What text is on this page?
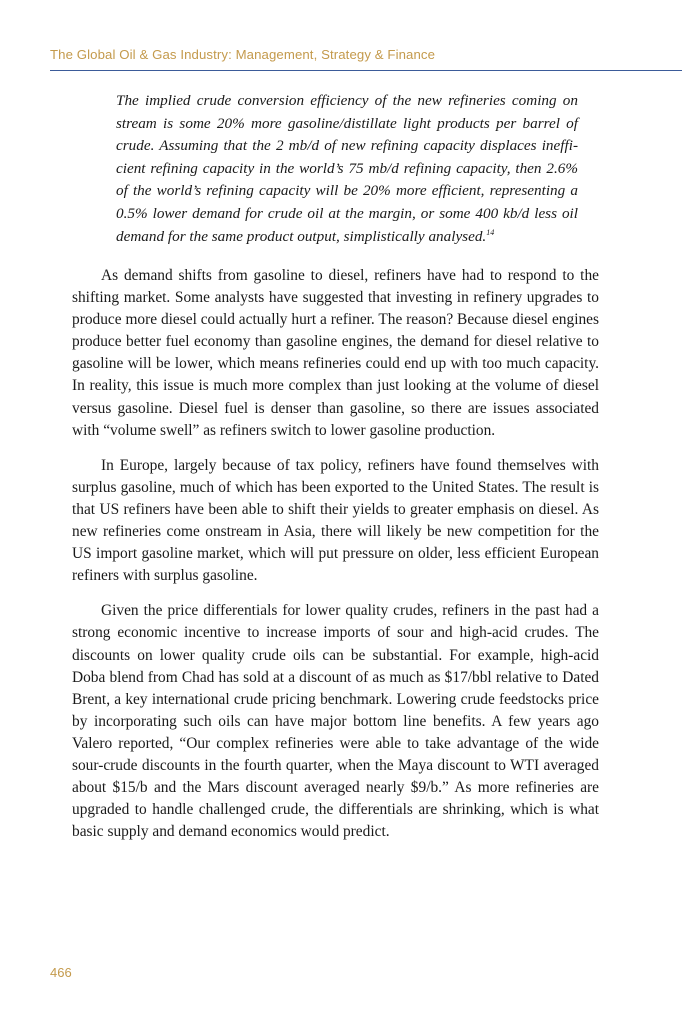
The Global Oil & Gas Industry: Management, Strategy & Finance
The implied crude conversion efficiency of the new refineries coming on stream is some 20% more gasoline/distillate light products per barrel of crude. Assuming that the 2 mb/d of new refining capacity displaces inefficient refining capacity in the world’s 75 mb/d refining capacity, then 2.6% of the world’s refining capacity will be 20% more efficient, representing a 0.5% lower demand for crude oil at the margin, or some 400 kb/d less oil demand for the same product output, simplistically analysed.$^{14}$

As demand shifts from gasoline to diesel, refiners have had to respond to the shifting market. Some analysts have suggested that investing in refinery upgrades to produce more diesel could actually hurt a refiner. The reason? Because diesel engines produce better fuel economy than gasoline engines, the demand for diesel relative to gasoline will be lower, which means refineries could end up with too much capacity. In reality, this issue is much more complex than just looking at the volume of diesel versus gasoline. Diesel fuel is denser than gasoline, so there are issues associated with “volume swell” as refiners switch to lower gasoline production.

In Europe, largely because of tax policy, refiners have found themselves with surplus gasoline, much of which has been exported to the United States. The result is that US refiners have been able to shift their yields to greater emphasis on diesel. As new refineries come onstream in Asia, there will likely be new competition for the US import gasoline market, which will put pressure on older, less efficient European refiners with surplus gasoline.

Given the price differentials for lower quality crudes, refiners in the past had a strong economic incentive to increase imports of sour and high-acid crudes. The discounts on lower quality crude oils can be substantial. For example, high-acid Doba blend from Chad has sold at a discount of as much as $17/bbl relative to Dated Brent, a key international crude pricing benchmark. Lowering crude feedstocks price by incorporating such oils can have major bottom line benefits. A few years ago Valero reported, “Our complex refineries were able to take advantage of the wide sour-crude discounts in the fourth quarter, when the Maya discount to WTI averaged about $15/b and the Mars discount averaged nearly $9/b.” As more refineries are upgraded to handle challenged crude, the differentials are shrinking, which is what basic supply and demand economics would predict.

466
